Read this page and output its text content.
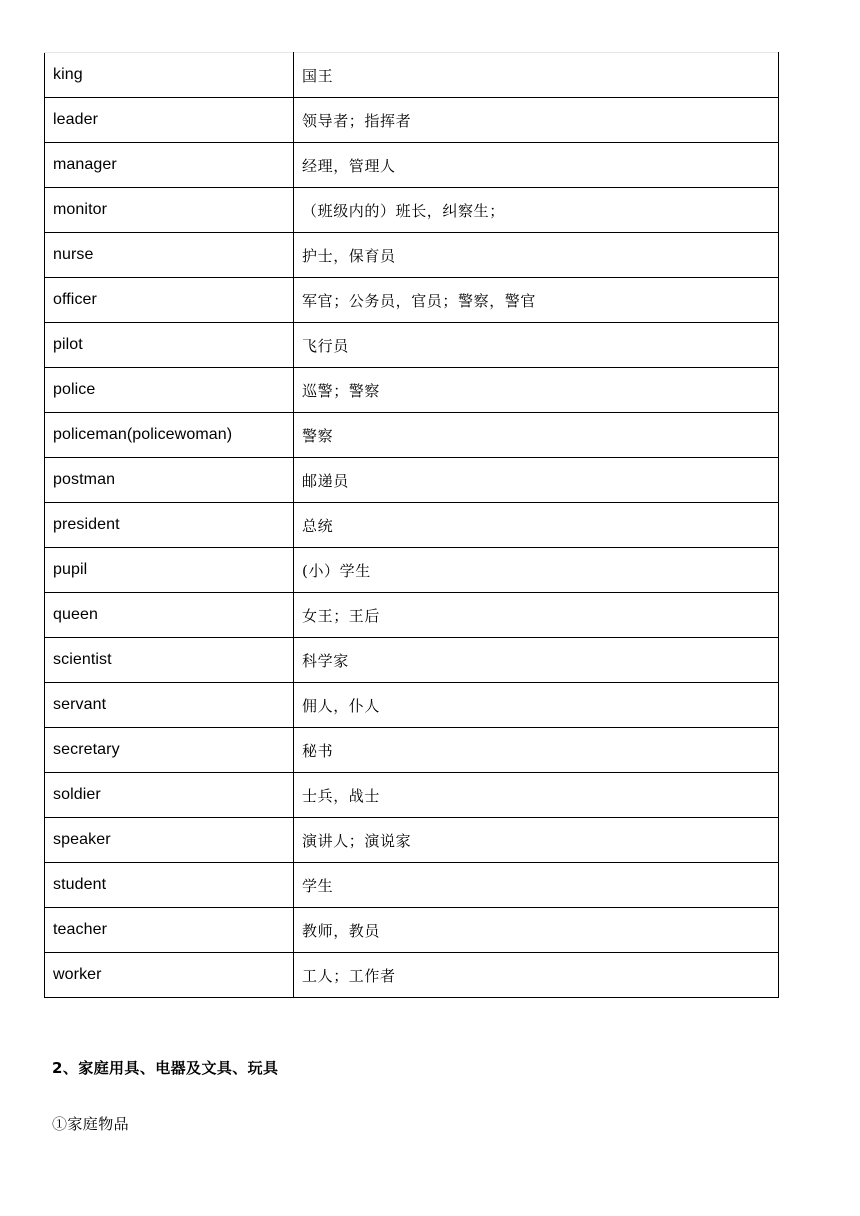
king	国王
leader	领导者；指挥者
manager	经理，管理人
monitor	（班级内的）班长，纠察生；
nurse	护士，保育员
officer	军官；公务员，官员；警察，警官
pilot	飞行员
police	巡警；警察
policeman(policewoman)	警察
postman	邮递员
president	总统
pupil	(小）学生
queen	女王；王后
scientist	科学家
servant	佣人，仆人
secretary	秘书
soldier	士兵，战士
speaker	演讲人；演说家
student	学生
teacher	教师，教员
worker	工人；工作者
2、家庭用具、电器及文具、玩具
①家庭物品
